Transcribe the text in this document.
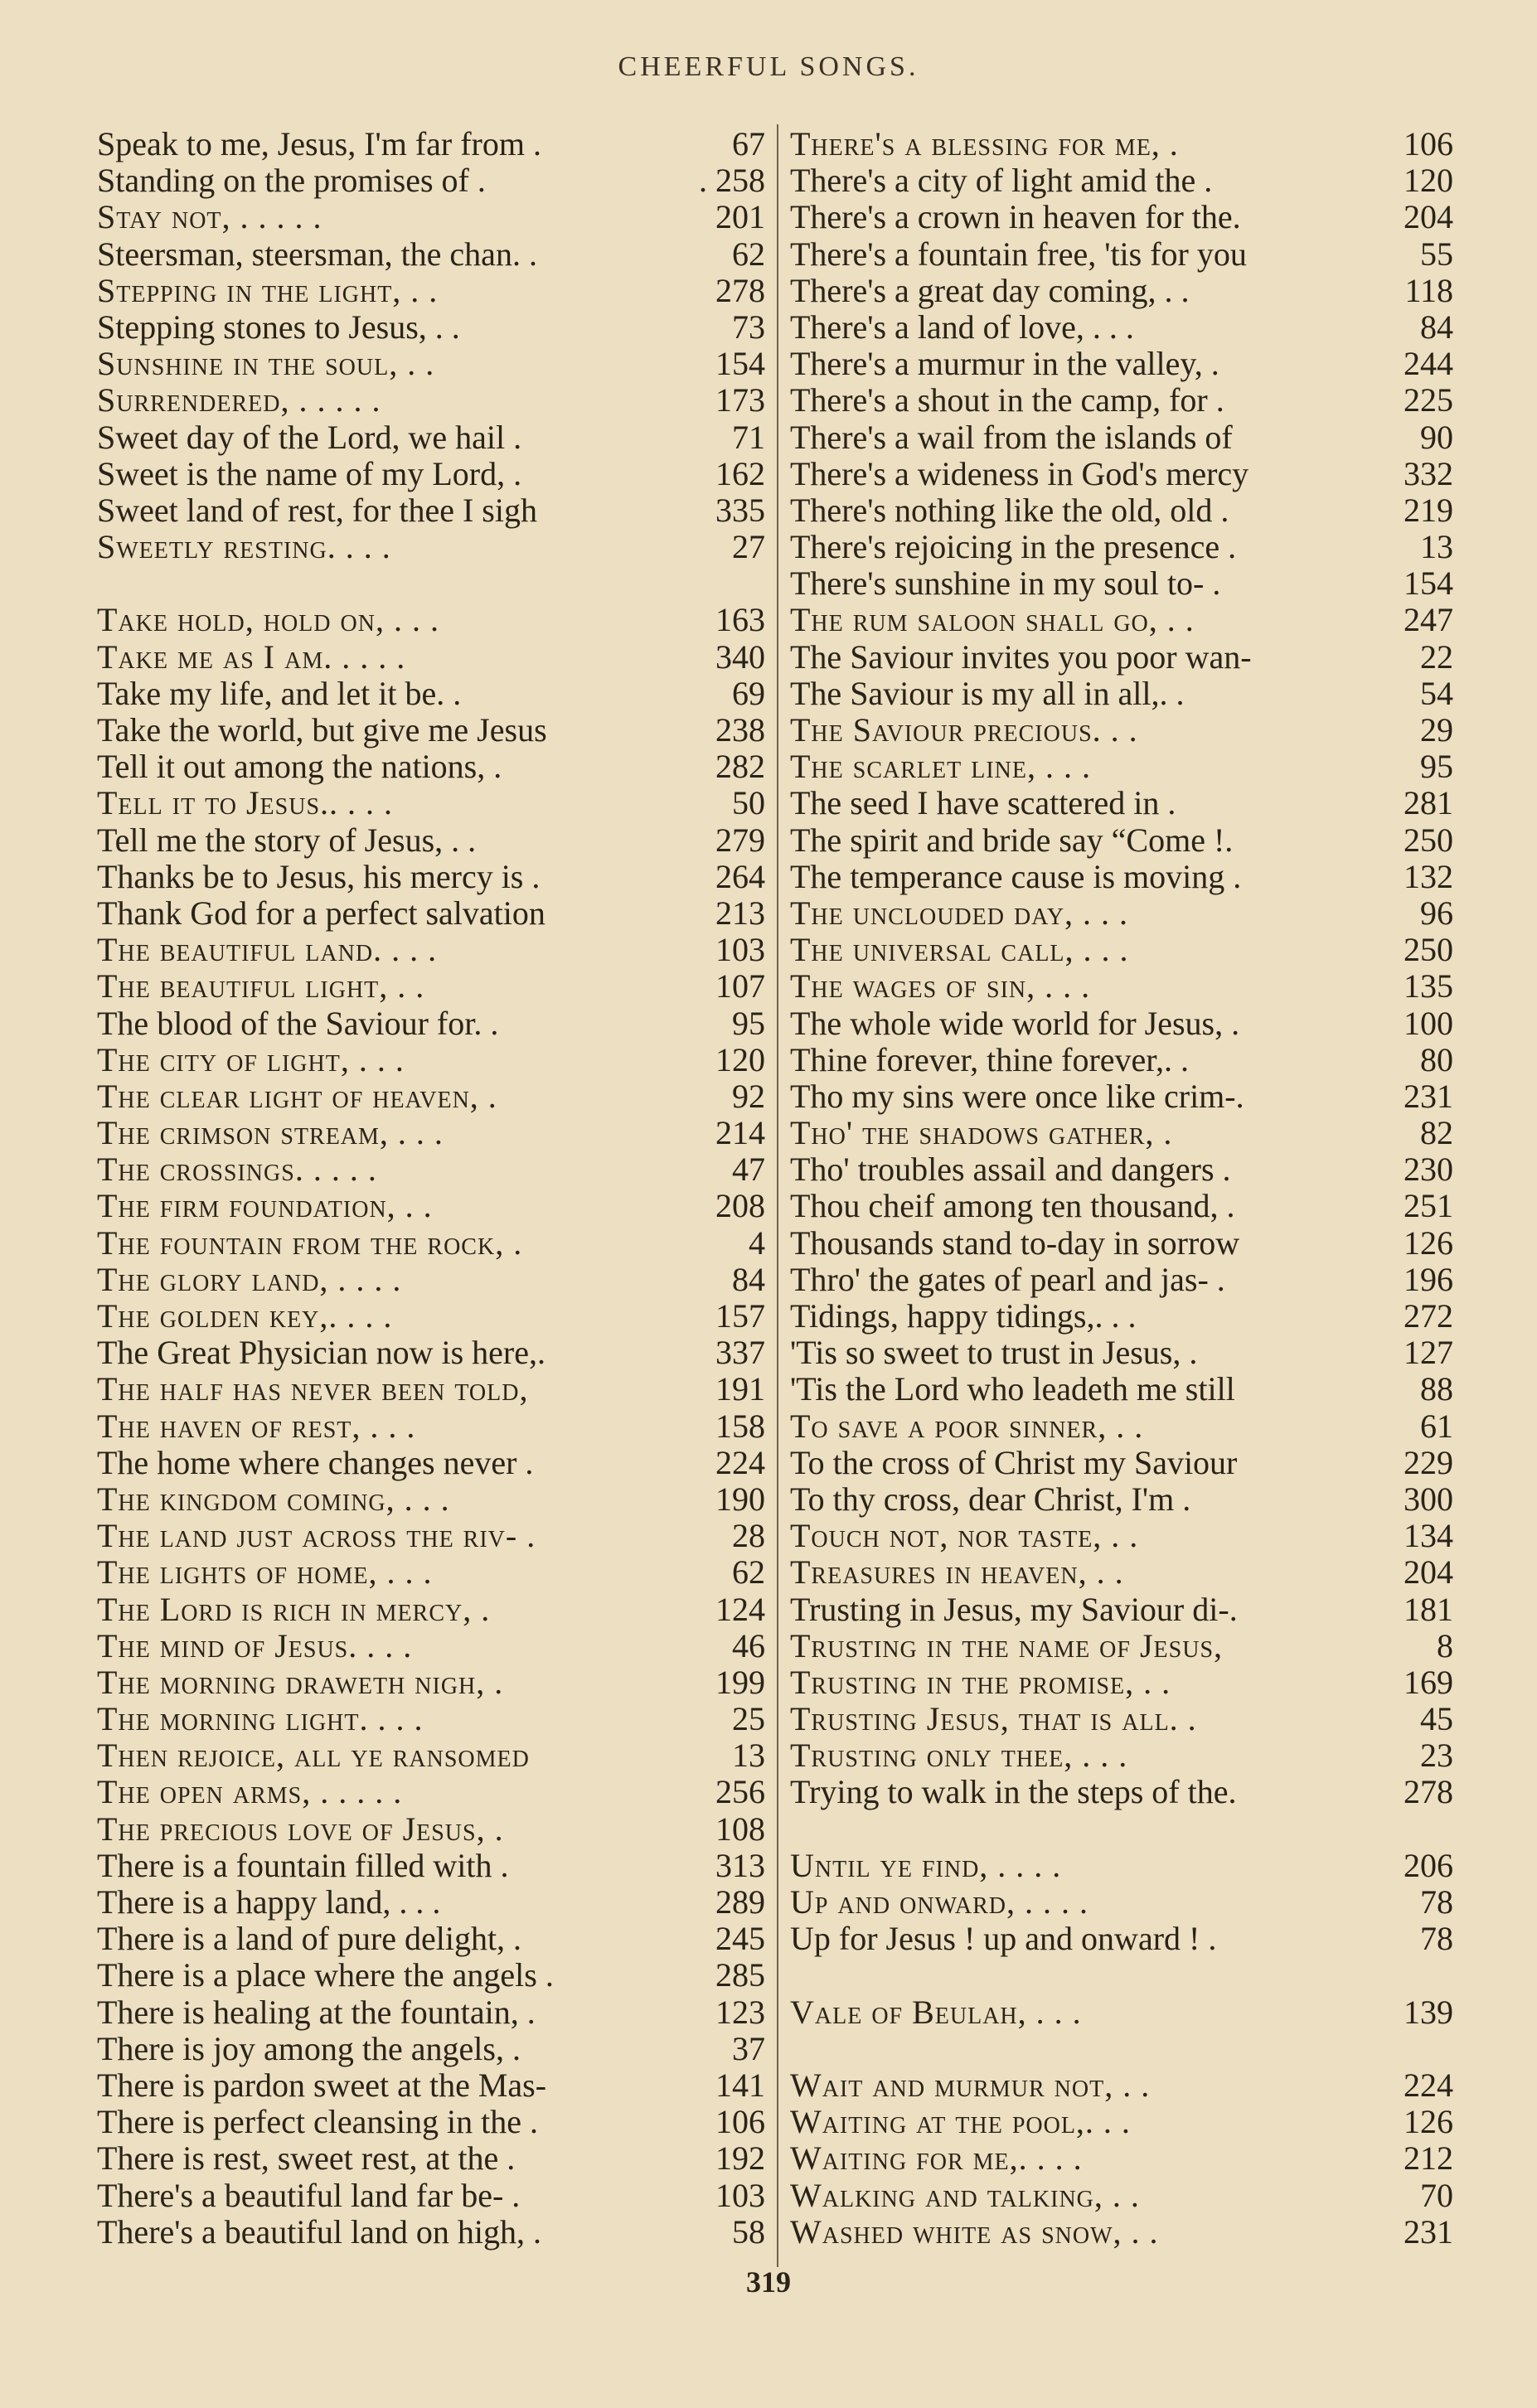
CHEERFUL SONGS.
Speak to me, Jesus, I'm far from .	67
Standing on the promises of .	. 258
Stay not, . . . . .	201
Steersman, steersman, the chan. .	62
Stepping in the light, . .	278
Stepping stones to Jesus, . .	73
Sunshine in the soul, . .	154
Surrendered, . . . . .	173
Sweet day of the Lord, we hail .	71
Sweet is the name of my Lord, .	162
Sweet land of rest, for thee I sigh	335
Sweetly resting. . . .	27
Take hold, hold on, . . .	163
Take me as I am. . . . .	340
Take my life, and let it be. .	69
Take the world, but give me Jesus	238
Tell it out among the nations, .	282
Tell it to Jesus.. . . .	50
Tell me the story of Jesus, . .	279
Thanks be to Jesus, his mercy is .	264
Thank God for a perfect salvation	213
The beautiful land. . . .	103
The beautiful light, . .	107
The blood of the Saviour for. .	95
The city of light, . . .	120
The clear light of heaven, .	92
The crimson stream, . . .	214
The crossings. . . . .	47
The firm foundation, . .	208
The fountain from the rock, .	4
The glory land, . . . .	84
The golden key,. . . .	157
The Great Physician now is here,.	337
The half has never been told,	191
The haven of rest, . . .	158
The home where changes never .	224
The kingdom coming, . . .	190
The land just across the riv- .	28
The lights of home, . . .	62
The Lord is rich in mercy, .	124
The mind of Jesus. . . .	46
The morning draweth nigh, .	199
The morning light. . . .	25
Then rejoice, all ye ransomed	13
The open arms, . . . . .	256
The precious love of Jesus, .	108
There is a fountain filled with .	313
There is a happy land, . . .	289
There is a land of pure delight, .	245
There is a place where the angels .	285
There is healing at the fountain, .	123
There is joy among the angels, .	37
There is pardon sweet at the Mas-	141
There is perfect cleansing in the .	106
There is rest, sweet rest, at the .	192
There's a beautiful land far be- .	103
There's a beautiful land on high, .	58
There's a blessing for me, .	106
There's a city of light amid the .	120
There's a crown in heaven for the.	204
There's a fountain free, 'tis for you	55
There's a great day coming, . .	118
There's a land of love, . . .	84
There's a murmur in the valley, .	244
There's a shout in the camp, for .	225
There's a wail from the islands of	90
There's a wideness in God's mercy	332
There's nothing like the old, old .	219
There's rejoicing in the presence .	13
There's sunshine in my soul to- .	154
The rum saloon shall go, . .	247
The Saviour invites you poor wan-	22
The Saviour is my all in all,. .	54
The Saviour precious. . .	29
The scarlet line, . . .	95
The seed I have scattered in .	281
The spirit and bride say “Come !.	250
The temperance cause is moving .	132
The unclouded day, . . .	96
The universal call, . . .	250
The wages of sin, . . .	135
The whole wide world for Jesus, .	100
Thine forever, thine forever,. .	80
Tho my sins were once like crim-.	231
Tho' the shadows gather, .	82
Tho' troubles assail and dangers .	230
Thou cheif among ten thousand, .	251
Thousands stand to-day in sorrow	126
Thro' the gates of pearl and jas- .	196
Tidings, happy tidings,. . .	272
'Tis so sweet to trust in Jesus, .	127
'Tis the Lord who leadeth me still	88
To save a poor sinner, . .	61
To the cross of Christ my Saviour	229
To thy cross, dear Christ, I'm .	300
Touch not, nor taste, . .	134
Treasures in heaven, . .	204
Trusting in Jesus, my Saviour di-.	181
Trusting in the name of Jesus,	8
Trusting in the promise, . .	169
Trusting Jesus, that is all. .	45
Trusting only thee, . . .	23
Trying to walk in the steps of the.	278
Until ye find, . . . .	206
Up and onward, . . . .	78
Up for Jesus ! up and onward ! .	78
Vale of Beulah, . . .	139
Wait and murmur not, . .	224
Waiting at the pool,. . .	126
Waiting for me,. . . .	212
Walking and talking, . .	70
Washed white as snow, . .	231
319
